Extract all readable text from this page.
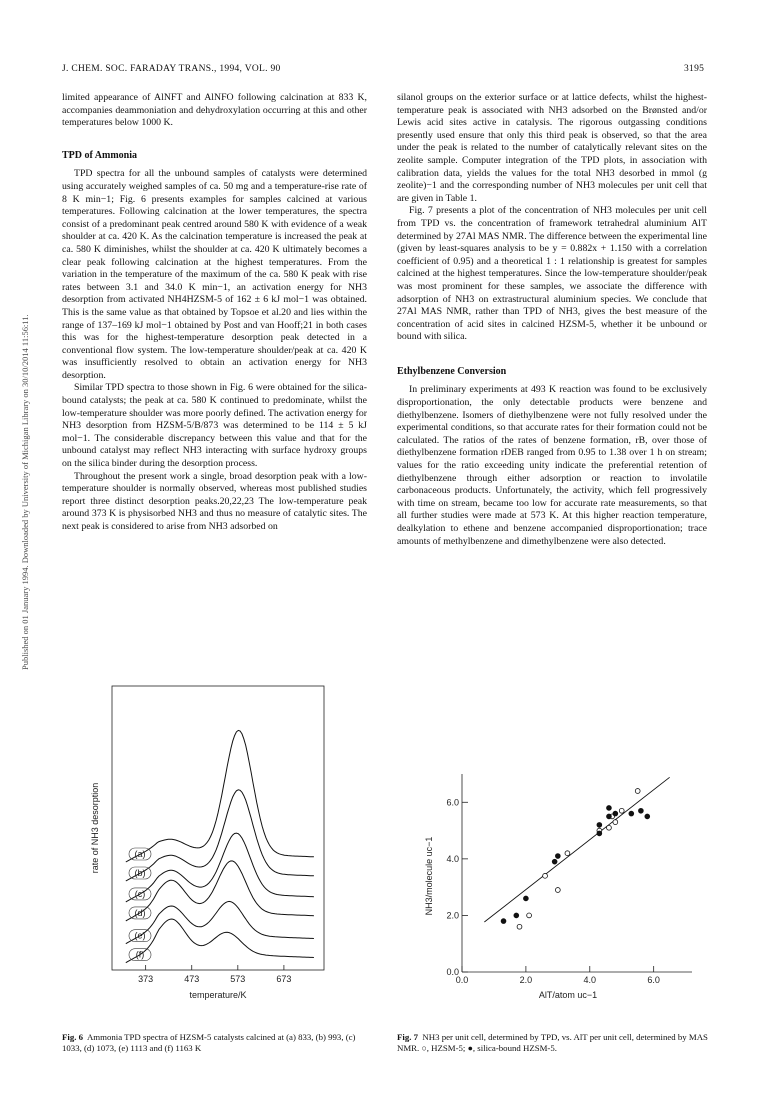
J. CHEM. SOC. FARADAY TRANS., 1994, VOL. 90	3195
Published on 01 January 1994. Downloaded by University of Michigan Library on 30/10/2014 11:56:11.

limited appearance of AlNFT and AlNFO following calcination at 833 K, accompanies deammoniation and dehydroxylation occurring at this and other temperatures below 1000 K.

TPD of Ammonia

TPD spectra for all the unbound samples of catalysts were determined using accurately weighed samples of ca. 50 mg and a temperature-rise rate of 8 K min−1; Fig. 6 presents examples for samples calcined at various temperatures. Following calcination at the lower temperatures, the spectra consist of a predominant peak centred around 580 K with evidence of a weak shoulder at ca. 420 K. As the calcination temperature is increased the peak at ca. 580 K diminishes, whilst the shoulder at ca. 420 K ultimately becomes a clear peak following calcination at the highest temperatures. From the variation in the temperature of the maximum of the ca. 580 K peak with rise rates between 3.1 and 34.0 K min−1, an activation energy for NH3 desorption from activated NH4HZSM-5 of 162 ± 6 kJ mol−1 was obtained. This is the same value as that obtained by Topsoe et al.20 and lies within the range of 137–169 kJ mol−1 obtained by Post and van Hooff;21 in both cases this was for the highest-temperature desorption peak detected in a conventional flow system. The low-temperature shoulder/peak at ca. 420 K was insufficiently resolved to obtain an activation energy for NH3 desorption.

Similar TPD spectra to those shown in Fig. 6 were obtained for the silica-bound catalysts; the peak at ca. 580 K continued to predominate, whilst the low-temperature shoulder was more poorly defined. The activation energy for NH3 desorption from HZSM-5/B/873 was determined to be 114 ± 5 kJ mol−1. The considerable discrepancy between this value and that for the unbound catalyst may reflect NH3 interacting with surface hydroxy groups on the silica binder during the desorption process.

Throughout the present work a single, broad desorption peak with a low-temperature shoulder is normally observed, whereas most published studies report three distinct desorption peaks.20,22,23 The low-temperature peak around 373 K is physisorbed NH3 and thus no measure of catalytic sites. The next peak is considered to arise from NH3 adsorbed on

silanol groups on the exterior surface or at lattice defects, whilst the highest-temperature peak is associated with NH3 adsorbed on the Brønsted and/or Lewis acid sites active in catalysis. The rigorous outgassing conditions presently used ensure that only this third peak is observed, so that the area under the peak is related to the number of catalytically relevant sites on the zeolite sample. Computer integration of the TPD plots, in association with calibration data, yields the values for the total NH3 desorbed in mmol (g zeolite)−1 and the corresponding number of NH3 molecules per unit cell that are given in Table 1.

Fig. 7 presents a plot of the concentration of NH3 molecules per unit cell from TPD vs. the concentration of framework tetrahedral aluminium AlT determined by 27Al MAS NMR. The difference between the experimental line (given by least-squares analysis to be y = 0.882x + 1.150 with a correlation coefficient of 0.95) and a theoretical 1 : 1 relationship is greatest for samples calcined at the highest temperatures. Since the low-temperature shoulder/peak was most prominent for these samples, we associate the difference with adsorption of NH3 on extrastructural aluminium species. We conclude that 27Al MAS NMR, rather than TPD of NH3, gives the best measure of the concentration of acid sites in calcined HZSM-5, whether it be unbound or bound with silica.

Ethylbenzene Conversion

In preliminary experiments at 493 K reaction was found to be exclusively disproportionation, the only detectable products were benzene and diethylbenzene. Isomers of diethylbenzene were not fully resolved under the experimental conditions, so that accurate rates for their formation could not be calculated. The ratios of the rates of benzene formation, rB, over those of diethylbenzene formation rDEB ranged from 0.95 to 1.38 over 1 h on stream; values for the ratio exceeding unity indicate the preferential retention of diethylbenzene through either adsorption or reaction to involatile carbonaceous products. Unfortunately, the activity, which fell progressively with time on stream, became too low for accurate rate measurements, so that all further studies were made at 573 K. At this higher reaction temperature, dealkylation to ethene and benzene accompanied disproportionation; trace amounts of methylbenzene and dimethylbenzene were also detected.

rate of NH3 desorption
temperature/K
373	473	573	673
(a)
(b)
(c)
(d)
(e)
(f)
NH3/molecule uc−1
AlT/atom uc−1
0.0
0.0
2.0
2.0
4.0
4.0
6.0
6.0
Fig. 6 Ammonia TPD spectra of HZSM-5 catalysts calcined at (a) 833, (b) 993, (c) 1033, (d) 1073, (e) 1113 and (f) 1163 K
Fig. 7 NH3 per unit cell, determined by TPD, vs. AlT per unit cell, determined by MAS NMR. ○, HZSM-5; ●, silica-bound HZSM-5.
